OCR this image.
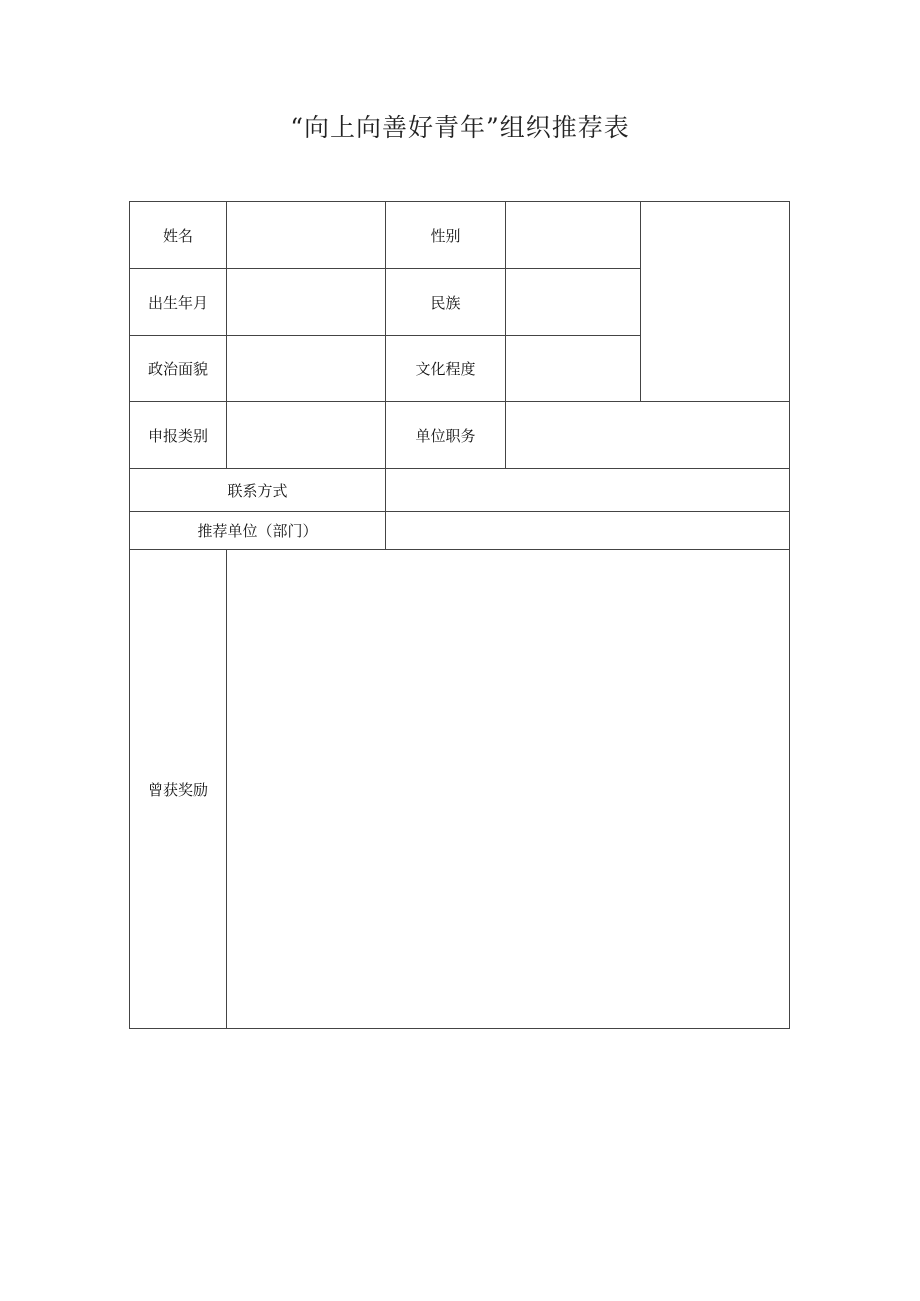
“向上向善好青年”组织推荐表
姓名	性别
出生年月	民族
政治面貌	文化程度
申报类别	单位职务
联系方式
推荐单位（部门）
曾获奖励
